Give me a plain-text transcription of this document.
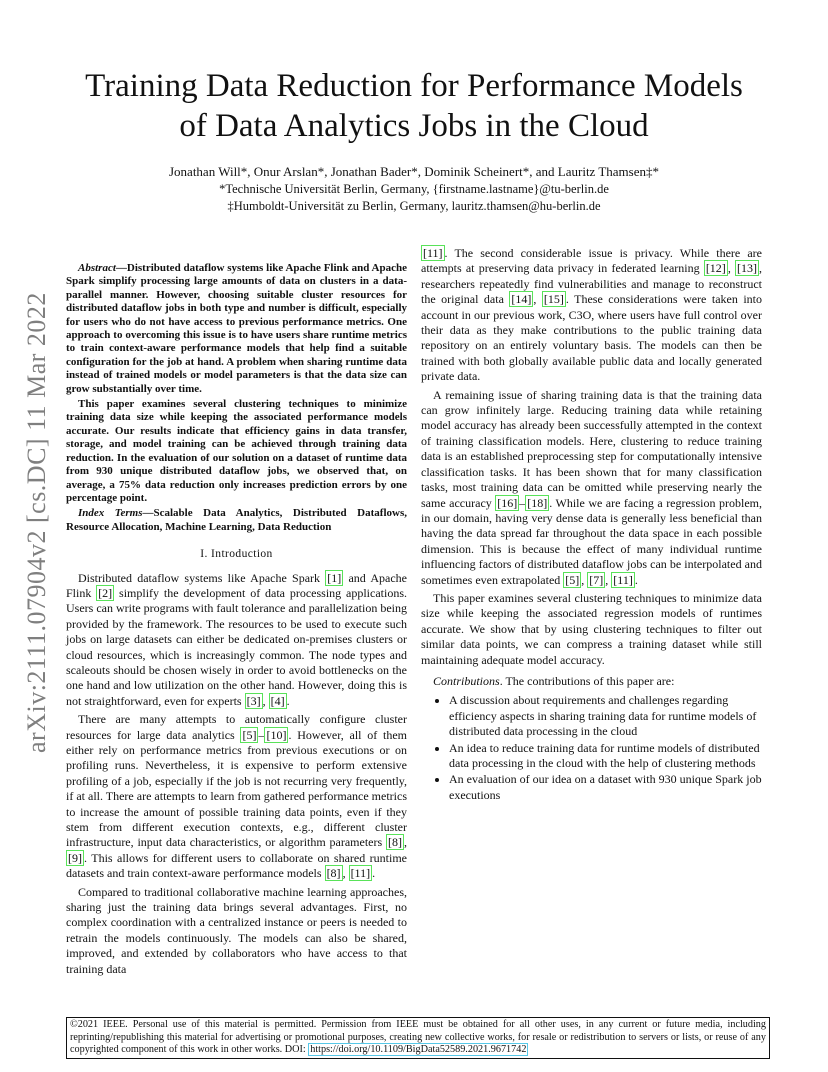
arXiv:2111.07904v2 [cs.DC] 11 Mar 2022
Training Data Reduction for Performance Models
of Data Analytics Jobs in the Cloud
Jonathan Will*, Onur Arslan*, Jonathan Bader*, Dominik Scheinert*, and Lauritz Thamsen‡*
*Technische Universität Berlin, Germany, {firstname.lastname}@tu-berlin.de
‡Humboldt-Universität zu Berlin, Germany, lauritz.thamsen@hu-berlin.de

Abstract—Distributed dataflow systems like Apache Flink and Apache Spark simplify processing large amounts of data on clusters in a data-parallel manner. However, choosing suitable cluster resources for distributed dataflow jobs in both type and number is difficult, especially for users who do not have access to previous performance metrics. One approach to overcoming this issue is to have users share runtime metrics to train context-aware performance models that help find a suitable configuration for the job at hand. A problem when sharing runtime data instead of trained models or model parameters is that the data size can grow substantially over time.

This paper examines several clustering techniques to minimize training data size while keeping the associated performance models accurate. Our results indicate that efficiency gains in data transfer, storage, and model training can be achieved through training data reduction. In the evaluation of our solution on a dataset of runtime data from 930 unique distributed dataflow jobs, we observed that, on average, a 75% data reduction only increases prediction errors by one percentage point.

Index Terms—Scalable Data Analytics, Distributed Dataflows, Resource Allocation, Machine Learning, Data Reduction

I. Introduction

Distributed dataflow systems like Apache Spark [1] and Apache Flink [2] simplify the development of data processing applications. Users can write programs with fault tolerance and parallelization being provided by the framework. The resources to be used to execute such jobs on large datasets can either be dedicated on-premises clusters or cloud resources, which is increasingly common. The node types and scaleouts should be chosen wisely in order to avoid bottlenecks on the one hand and low utilization on the other hand. However, doing this is not straightforward, even for experts [3] , [4] .

There are many attempts to automatically configure cluster resources for large data analytics [5] – [10] . However, all of them either rely on performance metrics from previous executions or on profiling runs. Nevertheless, it is expensive to perform extensive profiling of a job, especially if the job is not recurring very frequently, if at all. There are attempts to learn from gathered performance metrics to increase the amount of possible training data points, even if they stem from different execution contexts, e.g., different cluster infrastructure, input data characteristics, or algorithm parameters [8] , [9] . This allows for different users to collaborate on shared runtime datasets and train context-aware performance models [8] , [11] .

Compared to traditional collaborative machine learning approaches, sharing just the training data brings several advantages. First, no complex coordination with a centralized instance or peers is needed to retrain the models continuously. The models can also be shared, improved, and extended by collaborators who have access to that training data

[11] . The second considerable issue is privacy. While there are attempts at preserving data privacy in federated learning [12] , [13] , researchers repeatedly find vulnerabilities and manage to reconstruct the original data [14] , [15] . These considerations were taken into account in our previous work, C3O, where users have full control over their data as they make contributions to the public training data repository on an entirely voluntary basis. The models can then be trained with both globally available public data and locally generated private data.

A remaining issue of sharing training data is that the training data can grow infinitely large. Reducing training data while retaining model accuracy has already been successfully attempted in the context of training classification models. Here, clustering to reduce training data is an established preprocessing step for computationally intensive classification tasks. It has been shown that for many classification tasks, most training data can be omitted while preserving nearly the same accuracy [16] – [18] . While we are facing a regression problem, in our domain, having very dense data is generally less beneficial than having the data spread far throughout the data space in each possible dimension. This is because the effect of many individual runtime influencing factors of distributed dataflow jobs can be interpolated and sometimes even extrapolated [5] , [7] , [11] .

This paper examines several clustering techniques to minimize data size while keeping the associated regression models of runtimes accurate. We show that by using clustering techniques to filter out similar data points, we can compress a training dataset while still maintaining adequate model accuracy.

Contributions. The contributions of this paper are:

• A discussion about requirements and challenges regarding efficiency aspects in sharing training data for runtime models of distributed data processing in the cloud
• An idea to reduce training data for runtime models of distributed data processing in the cloud with the help of clustering methods
• An evaluation of our idea on a dataset with 930 unique Spark job executions
©2021 IEEE. Personal use of this material is permitted. Permission from IEEE must be obtained for all other uses, in any current or future media, including reprinting/republishing this material for advertising or promotional purposes, creating new collective works, for resale or redistribution to servers or lists, or reuse of any copyrighted component of this work in other works. DOI: https://doi.org/10.1109/BigData52589.2021.9671742
